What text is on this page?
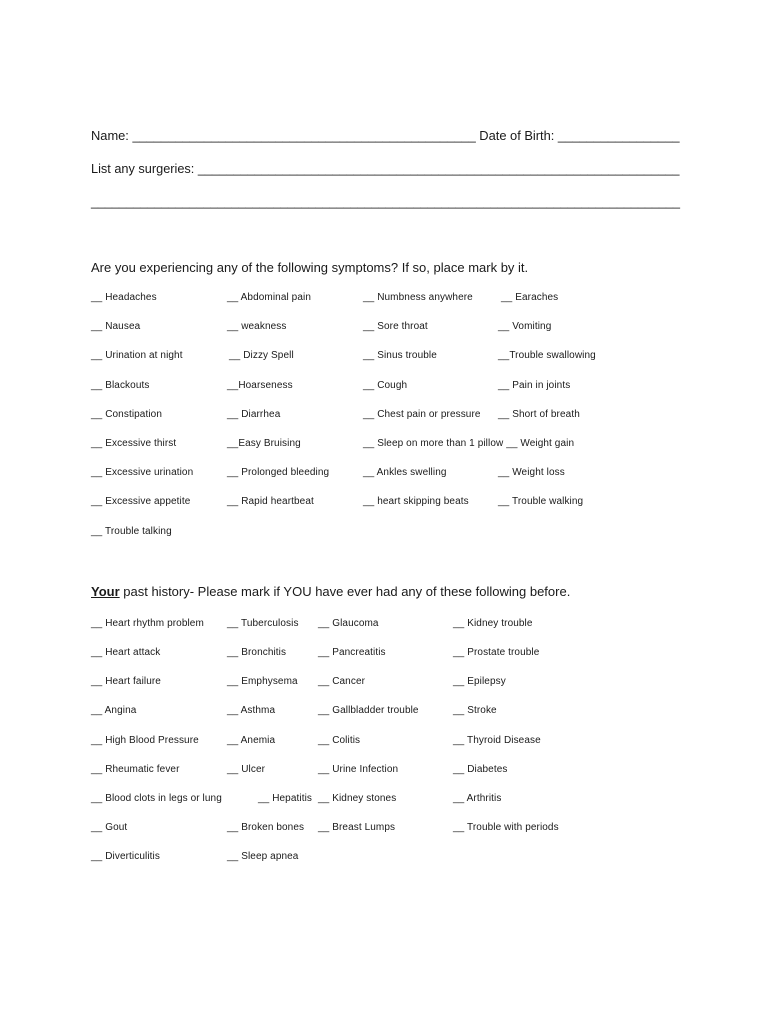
Name: ________________________________________________ Date of Birth: _________________
List any surgeries: ____________________________________________________________________
____________________________________________________________________________________
Are you experiencing any of the following symptoms? If so, place mark by it.
__ Headaches	__ Abdominal pain	__ Numbness anywhere	__ Earaches
__ Nausea	__ weakness	__ Sore throat	__ Vomiting
__ Urination at night	__ Dizzy Spell	__ Sinus trouble	__Trouble swallowing
__ Blackouts	__Hoarseness	__ Cough	__ Pain in joints
__ Constipation	__ Diarrhea	__ Chest pain or pressure __ Short of breath
__ Excessive thirst	__Easy Bruising	__ Sleep on more than 1 pillow __ Weight gain
__ Excessive urination	__ Prolonged bleeding	__ Ankles swelling	__ Weight loss
__ Excessive appetite	__ Rapid heartbeat	__ heart skipping beats	__ Trouble walking
__ Trouble talking
Your past history- Please mark if YOU have ever had any of these following before.
__ Heart rhythm problem __ Tuberculosis __ Glaucoma	__ Kidney trouble
__ Heart attack	__ Bronchitis	__ Pancreatitis	__ Prostate trouble
__ Heart failure	__ Emphysema __ Cancer	__ Epilepsy
__ Angina	__ Asthma	__ Gallbladder trouble	__ Stroke
__ High Blood Pressure	__ Anemia	__ Colitis	__ Thyroid Disease
__ Rheumatic fever	__ Ulcer	__ Urine Infection	__ Diabetes
__ Blood clots in legs or lung	__ Hepatitis __ Kidney stones	__ Arthritis
__ Gout	__ Broken bones __ Breast Lumps	__ Trouble with periods
__ Diverticulitis	__ Sleep apnea
